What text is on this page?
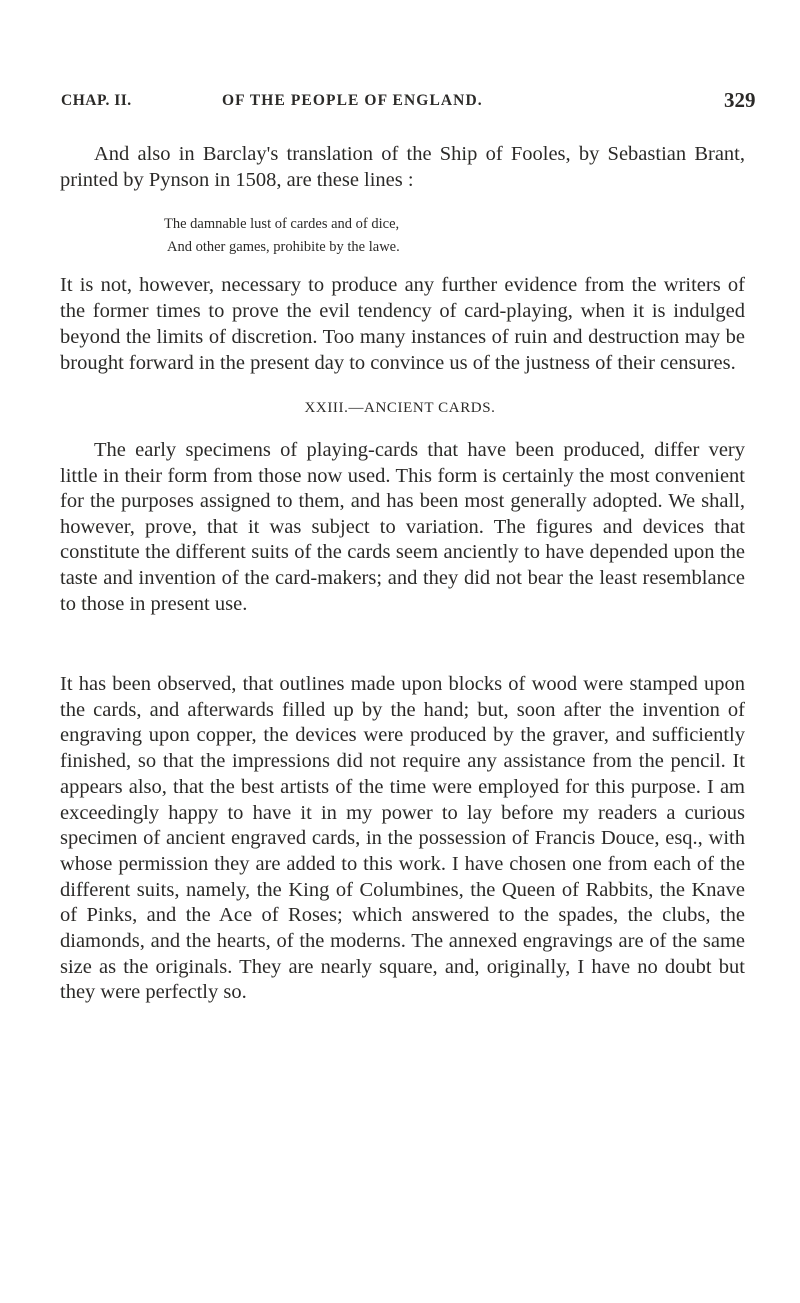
CHAP. II.	OF THE PEOPLE OF ENGLAND.	329

And also in Barclay's translation of the Ship of Fooles, by Sebastian Brant, printed by Pynson in 1508, are these lines :

The damnable lust of cardes and of dice,
And other games, prohibite by the lawe.

It is not, however, necessary to produce any further evidence from the writers of the former times to prove the evil tendency of card-playing, when it is indulged beyond the limits of discretion. Too many instances of ruin and destruction may be brought forward in the present day to convince us of the justness of their censures.

XXIII.—ANCIENT CARDS.

The early specimens of playing-cards that have been produced, differ very little in their form from those now used. This form is certainly the most convenient for the purposes assigned to them, and has been most generally adopted. We shall, however, prove, that it was subject to variation. The figures and devices that constitute the different suits of the cards seem anciently to have depended upon the taste and invention of the card-makers; and they did not bear the least resemblance to those in present use.

It has been observed, that outlines made upon blocks of wood were stamped upon the cards, and afterwards filled up by the hand; but, soon after the invention of engraving upon copper, the devices were produced by the graver, and sufficiently finished, so that the impressions did not require any assistance from the pencil. It appears also, that the best artists of the time were employed for this purpose. I am exceedingly happy to have it in my power to lay before my readers a curious specimen of ancient engraved cards, in the possession of Francis Douce, esq., with whose permission they are added to this work. I have chosen one from each of the different suits, namely, the King of Columbines, the Queen of Rabbits, the Knave of Pinks, and the Ace of Roses; which answered to the spades, the clubs, the diamonds, and the hearts, of the moderns. The annexed engravings are of the same size as the originals. They are nearly square, and, originally, I have no doubt but they were perfectly so.
